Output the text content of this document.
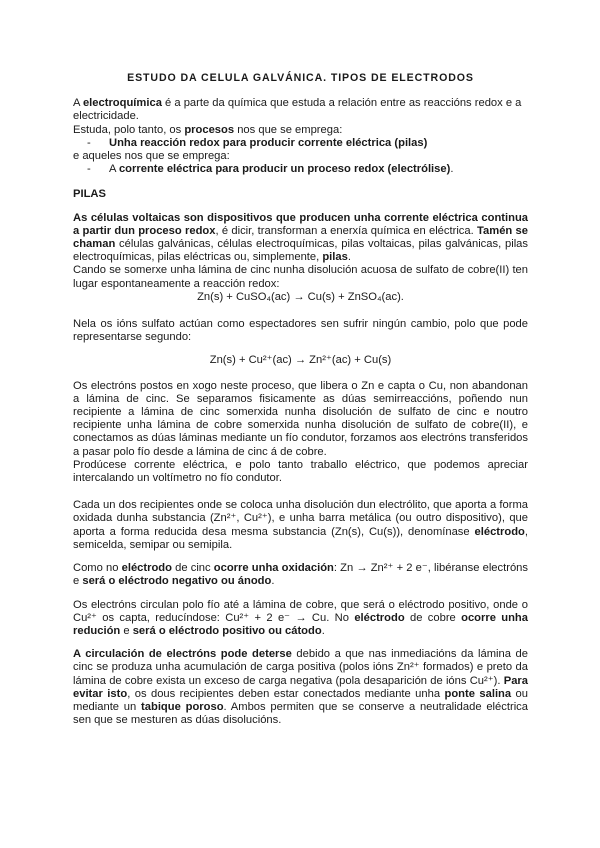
ESTUDO DA CELULA GALVÁNICA. TIPOS DE ELECTRODOS

A electroquímica é a parte da química que estuda a relación entre as reaccións redox e a electricidade.

Estuda, polo tanto, os procesos nos que se emprega:

- Unha reacción redox para producir corrente eléctrica (pilas)

e aqueles nos que se emprega:

- A corrente eléctrica para producir un proceso redox (electrólise).

PILAS

As células voltaicas son dispositivos que producen unha corrente eléctrica continua a partir dun proceso redox, é dicir, transforman a enerxía química en eléctrica. Tamén se chaman células galvánicas, células electroquímicas, pilas voltaicas, pilas galvánicas, pilas electroquímicas, pilas eléctricas ou, simplemente, pilas.

Cando se somerxe unha lámina de cinc nunha disolución acuosa de sulfato de cobre(II) ten lugar espontaneamente a reacción redox:

Zn(s) + CuSO₄(ac) → Cu(s) + ZnSO₄(ac).

Nela os ións sulfato actúan como espectadores sen sufrir ningún cambio, polo que pode representarse segundo:

Zn(s) + Cu²⁺(ac) → Zn²⁺(ac) + Cu(s)

Os electróns postos en xogo neste proceso, que libera o Zn e capta o Cu, non abandonan a lámina de cinc. Se separamos fisicamente as dúas semirreaccións, poñendo nun recipiente a lámina de cinc somerxida nunha disolución de sulfato de cinc e noutro recipiente unha lámina de cobre somerxida nunha disolución de sulfato de cobre(II), e conectamos as dúas láminas mediante un fío condutor, forzamos aos electróns transferidos a pasar polo fío desde a lámina de cinc á de cobre.

Prodúcese corrente eléctrica, e polo tanto traballo eléctrico, que podemos apreciar intercalando un voltímetro no fío condutor.

Cada un dos recipientes onde se coloca unha disolución dun electrólito, que aporta a forma oxidada dunha substancia (Zn²⁺, Cu²⁺), e unha barra metálica (ou outro dispositivo), que aporta a forma reducida desa mesma substancia (Zn(s), Cu(s)), denomínase eléctrodo, semicelda, semipar ou semipila.

Como no eléctrodo de cinc ocorre unha oxidación: Zn → Zn²⁺ + 2 e⁻, libéranse electróns e será o eléctrodo negativo ou ánodo.

Os electróns circulan polo fío até a lámina de cobre, que será o eléctrodo positivo, onde o Cu²⁺ os capta, reducíndose: Cu²⁺ + 2 e⁻ → Cu. No eléctrodo de cobre ocorre unha redución e será o eléctrodo positivo ou cátodo.

A circulación de electróns pode deterse debido a que nas inmediacións da lámina de cinc se produza unha acumulación de carga positiva (polos ións Zn²⁺ formados) e preto da lámina de cobre exista un exceso de carga negativa (pola desaparición de ións Cu²⁺). Para evitar isto, os dous recipientes deben estar conectados mediante unha ponte salina ou mediante un tabique poroso. Ambos permiten que se conserve a neutralidade eléctrica sen que se mesturen as dúas disolucións.
